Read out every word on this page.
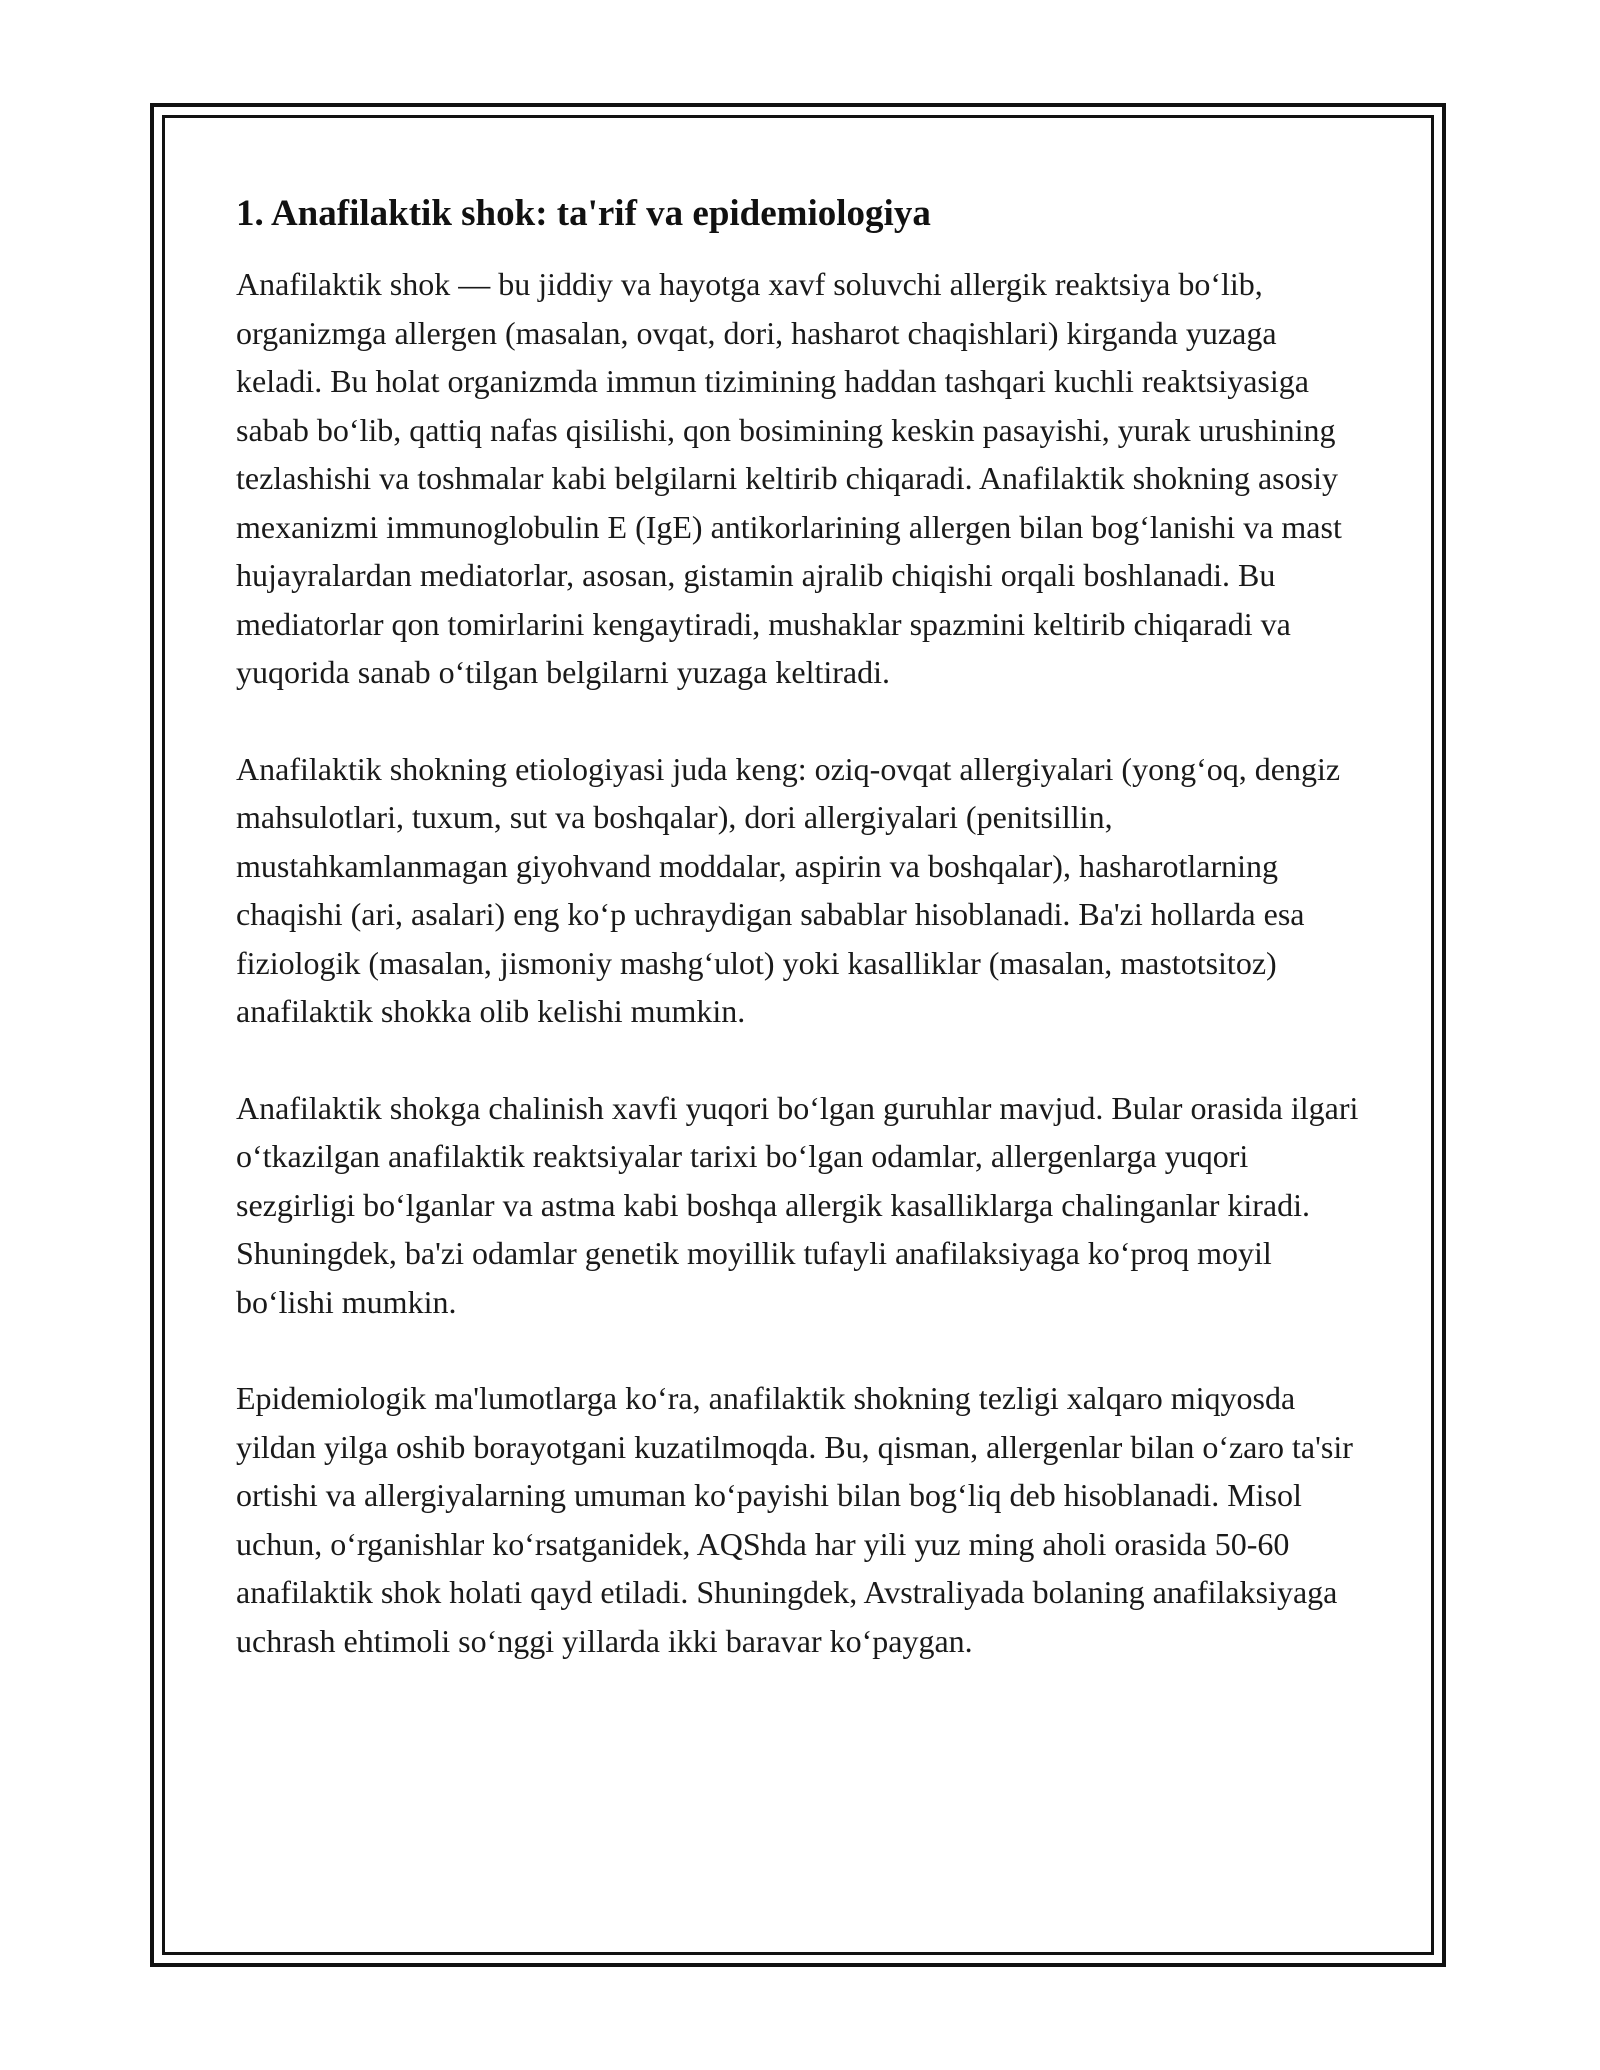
1. Anafilaktik shok: ta'rif va epidemiologiya

Anafilaktik shok — bu jiddiy va hayotga xavf soluvchi allergik reaktsiya bo‘lib, organizmga allergen (masalan, ovqat, dori, hasharot chaqishlari) kirganda yuzaga keladi. Bu holat organizmda immun tizimining haddan tashqari kuchli reaktsiyasiga sabab bo‘lib, qattiq nafas qisilishi, qon bosimining keskin pasayishi, yurak urushining tezlashishi va toshmalar kabi belgilarni keltirib chiqaradi. Anafilaktik shokning asosiy mexanizmi immunoglobulin E (IgE) antikorlarining allergen bilan bog‘lanishi va mast hujayralardan mediatorlar, asosan, gistamin ajralib chiqishi orqali boshlanadi. Bu mediatorlar qon tomirlarini kengaytiradi, mushaklar spazmini keltirib chiqaradi va yuqorida sanab o‘tilgan belgilarni yuzaga keltiradi.

Anafilaktik shokning etiologiyasi juda keng: oziq-ovqat allergiyalari (yong‘oq, dengiz mahsulotlari, tuxum, sut va boshqalar), dori allergiyalari (penitsillin, mustahkamlanmagan giyohvand moddalar, aspirin va boshqalar), hasharotlarning chaqishi (ari, asalari) eng ko‘p uchraydigan sabablar hisoblanadi. Ba'zi hollarda esa fiziologik (masalan, jismoniy mashg‘ulot) yoki kasalliklar (masalan, mastotsitoz) anafilaktik shokka olib kelishi mumkin.

Anafilaktik shokga chalinish xavfi yuqori bo‘lgan guruhlar mavjud. Bular orasida ilgari o‘tkazilgan anafilaktik reaktsiyalar tarixi bo‘lgan odamlar, allergenlarga yuqori sezgirligi bo‘lganlar va astma kabi boshqa allergik kasalliklarga chalinganlar kiradi. Shuningdek, ba'zi odamlar genetik moyillik tufayli anafilaksiyaga ko‘proq moyil bo‘lishi mumkin.

Epidemiologik ma'lumotlarga ko‘ra, anafilaktik shokning tezligi xalqaro miqyosda yildan yilga oshib borayotgani kuzatilmoqda. Bu, qisman, allergenlar bilan o‘zaro ta'sir ortishi va allergiyalarning umuman ko‘payishi bilan bog‘liq deb hisoblanadi. Misol uchun, o‘rganishlar ko‘rsatganidek, AQShda har yili yuz ming aholi orasida 50-60 anafilaktik shok holati qayd etiladi. Shuningdek, Avstraliyada bolaning anafilaksiyaga uchrash ehtimoli so‘nggi yillarda ikki baravar ko‘paygan.
